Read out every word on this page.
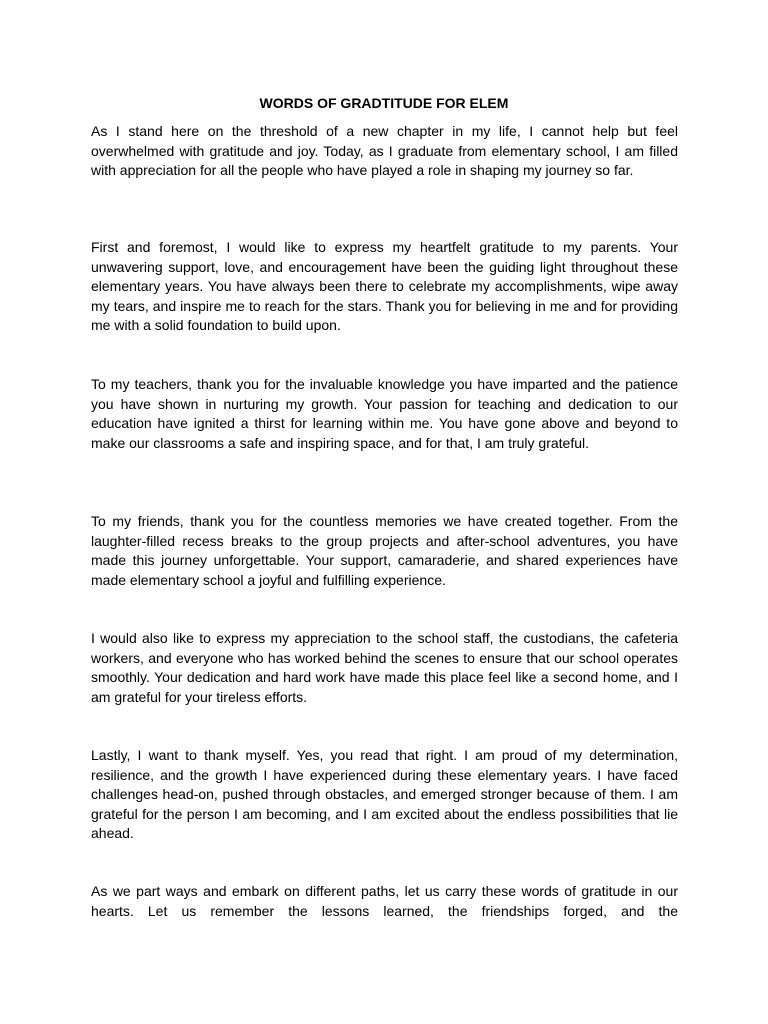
WORDS OF GRADTITUDE FOR ELEM

As I stand here on the threshold of a new chapter in my life, I cannot help but feel overwhelmed with gratitude and joy. Today, as I graduate from elementary school, I am filled with appreciation for all the people who have played a role in shaping my journey so far.

First and foremost, I would like to express my heartfelt gratitude to my parents. Your unwavering support, love, and encouragement have been the guiding light throughout these elementary years. You have always been there to celebrate my accomplishments, wipe away my tears, and inspire me to reach for the stars. Thank you for believing in me and for providing me with a solid foundation to build upon.

To my teachers, thank you for the invaluable knowledge you have imparted and the patience you have shown in nurturing my growth. Your passion for teaching and dedication to our education have ignited a thirst for learning within me. You have gone above and beyond to make our classrooms a safe and inspiring space, and for that, I am truly grateful.

To my friends, thank you for the countless memories we have created together. From the laughter-filled recess breaks to the group projects and after-school adventures, you have made this journey unforgettable. Your support, camaraderie, and shared experiences have made elementary school a joyful and fulfilling experience.

I would also like to express my appreciation to the school staff, the custodians, the cafeteria workers, and everyone who has worked behind the scenes to ensure that our school operates smoothly. Your dedication and hard work have made this place feel like a second home, and I am grateful for your tireless efforts.

Lastly, I want to thank myself. Yes, you read that right. I am proud of my determination, resilience, and the growth I have experienced during these elementary years. I have faced challenges head-on, pushed through obstacles, and emerged stronger because of them. I am grateful for the person I am becoming, and I am excited about the endless possibilities that lie ahead.

As we part ways and embark on different paths, let us carry these words of gratitude in our hearts. Let us remember the lessons learned, the friendships forged, and the
